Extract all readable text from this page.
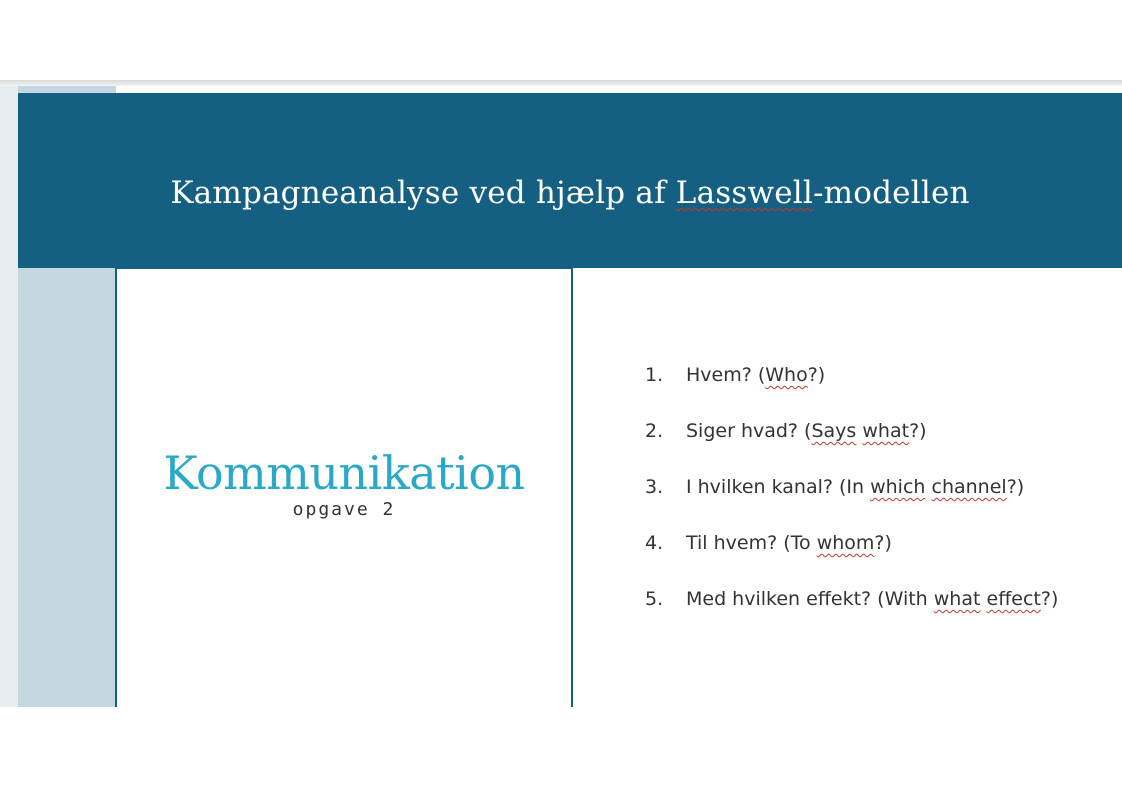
Kampagneanalyse ved hjælp af Lasswell-modellen
Kommunikation
opgave 2
1.	Hvem? (Who?)
2.	Siger hvad? (Says what?)
3.	I hvilken kanal? (In which channel?)
4.	Til hvem? (To whom?)
5.	Med hvilken effekt? (With what effect?)
